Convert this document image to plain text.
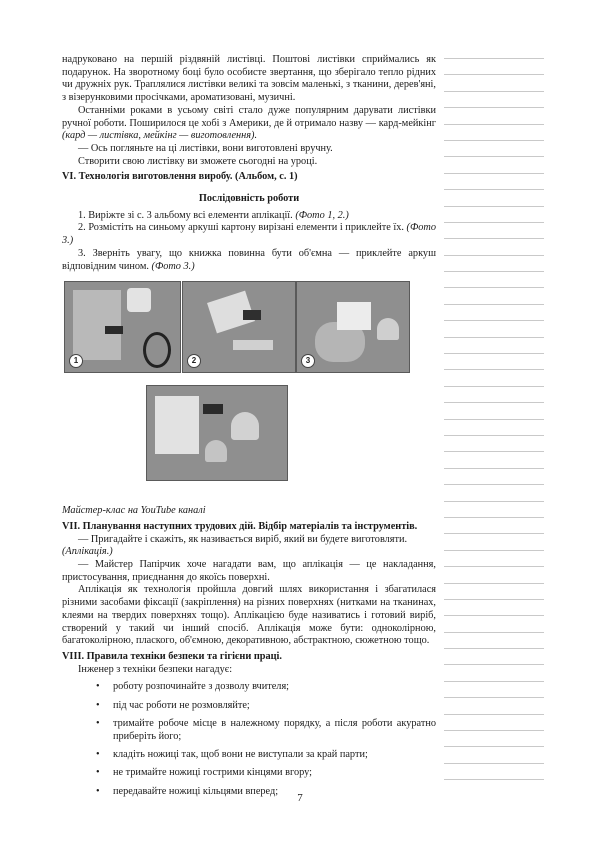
надруковано на першій різдвяній листівці. Поштові листівки сприймались як подарунок. На зворотному боці було особисте звертання, що зберігало тепло рідних чи дружніх рук. Траплялися листівки великі та зовсім маленькі, з тканини, дерев'яні, з візерунковими просічками, ароматизовані, музичні.

Останніми роками в усьому світі стало дуже популярним дарувати листівки ручної роботи. Поширилося це хобі з Америки, де й отримало назву — кард-мейкінг (кард — листівка, мейкінг — виготовлення).

— Ось погляньте на ці листівки, вони виготовлені вручну.

Створити свою листівку ви зможете сьогодні на уроці.

VI. Технологія виготовлення виробу. (Альбом, с. 1)

Послідовність роботи

1. Виріжте зі с. 3 альбому всі елементи аплікації. (Фото 1, 2.)

2. Розмістіть на синьому аркуші картону вирізані елементи і приклейте їх. (Фото 3.)

3. Зверніть увагу, що книжка повинна бути об'ємна — приклейте аркуш відповідним чином. (Фото 3.)

1	2	3

Майстер-клас на YouTube каналі

VII. Планування наступних трудових дій. Відбір матеріалів та інструментів.

— Пригадайте і скажіть, як називається виріб, який ви будете виготовляти.

(Аплікація.)

— Майстер Папірчик хоче нагадати вам, що аплікація — це накладання, пристосування, приєднання до якоїсь поверхні.

Аплікація як технологія пройшла довгий шлях використання і збагатилася різними засобами фіксації (закріплення) на різних поверхнях (нитками на тканинах, клеями на твердих поверхнях тощо). Аплікацією буде називатись і готовий виріб, створений у такий чи інший спосіб. Аплікація може бути: одноколірною, багатоколірною, плаского, об'ємною, декоративною, абстрактною, сюжетною тощо.

VIII. Правила техніки безпеки та гігієни праці.

Інженер з техніки безпеки нагадує:

• роботу розпочинайте з дозволу вчителя;
• під час роботи не розмовляйте;
• тримайте робоче місце в належному порядку, а після роботи акуратно приберіть його;
• кладіть ножиці так, щоб вони не виступали за край парти;
• не тримайте ножиці гострими кінцями вгору;
• передавайте ножиці кільцями вперед;
7
